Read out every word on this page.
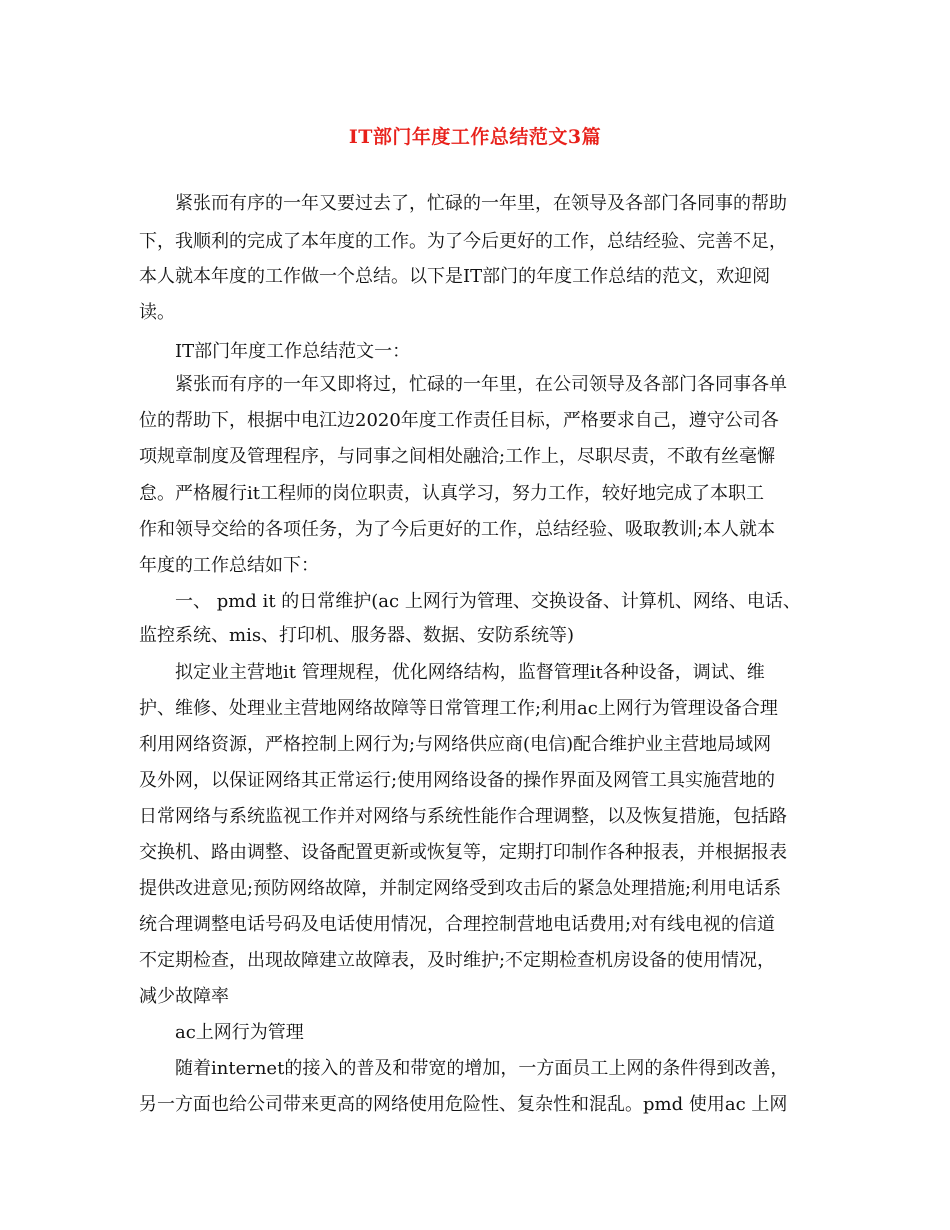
IT部门年度工作总结范文3篇
紧张而有序的一年又要过去了，忙碌的一年里，在领导及各部门各同事的帮助
下，我顺利的完成了本年度的工作。为了今后更好的工作，总结经验、完善不足，
本人就本年度的工作做一个总结。以下是IT部门的年度工作总结的范文，欢迎阅
读。
IT部门年度工作总结范文一：
紧张而有序的一年又即将过，忙碌的一年里，在公司领导及各部门各同事各单
位的帮助下，根据中电江边2020年度工作责任目标，严格要求自己，遵守公司各
项规章制度及管理程序，与同事之间相处融洽;工作上，尽职尽责，不敢有丝毫懈
怠。严格履行it工程师的岗位职责，认真学习，努力工作，较好地完成了本职工
作和领导交给的各项任务，为了今后更好的工作，总结经验、吸取教训;本人就本
年度的工作总结如下：
一、 pmd it 的日常维护(ac 上网行为管理、交换设备、计算机、网络、电话、
监控系统、mis、打印机、服务器、数据、安防系统等)
拟定业主营地it 管理规程，优化网络结构，监督管理it各种设备，调试、维
护、维修、处理业主营地网络故障等日常管理工作;利用ac上网行为管理设备合理
利用网络资源，严格控制上网行为;与网络供应商(电信)配合维护业主营地局域网
及外网，以保证网络其正常运行;使用网络设备的操作界面及网管工具实施营地的
日常网络与系统监视工作并对网络与系统性能作合理调整，以及恢复措施，包括路
交换机、路由调整、设备配置更新或恢复等，定期打印制作各种报表，并根据报表
提供改进意见;预防网络故障，并制定网络受到攻击后的紧急处理措施;利用电话系
统合理调整电话号码及电话使用情况，合理控制营地电话费用;对有线电视的信道
不定期检查，出现故障建立故障表，及时维护;不定期检查机房设备的使用情况，
减少故障率
ac上网行为管理
随着internet的接入的普及和带宽的增加，一方面员工上网的条件得到改善，
另一方面也给公司带来更高的网络使用危险性、复杂性和混乱。pmd 使用ac 上网
